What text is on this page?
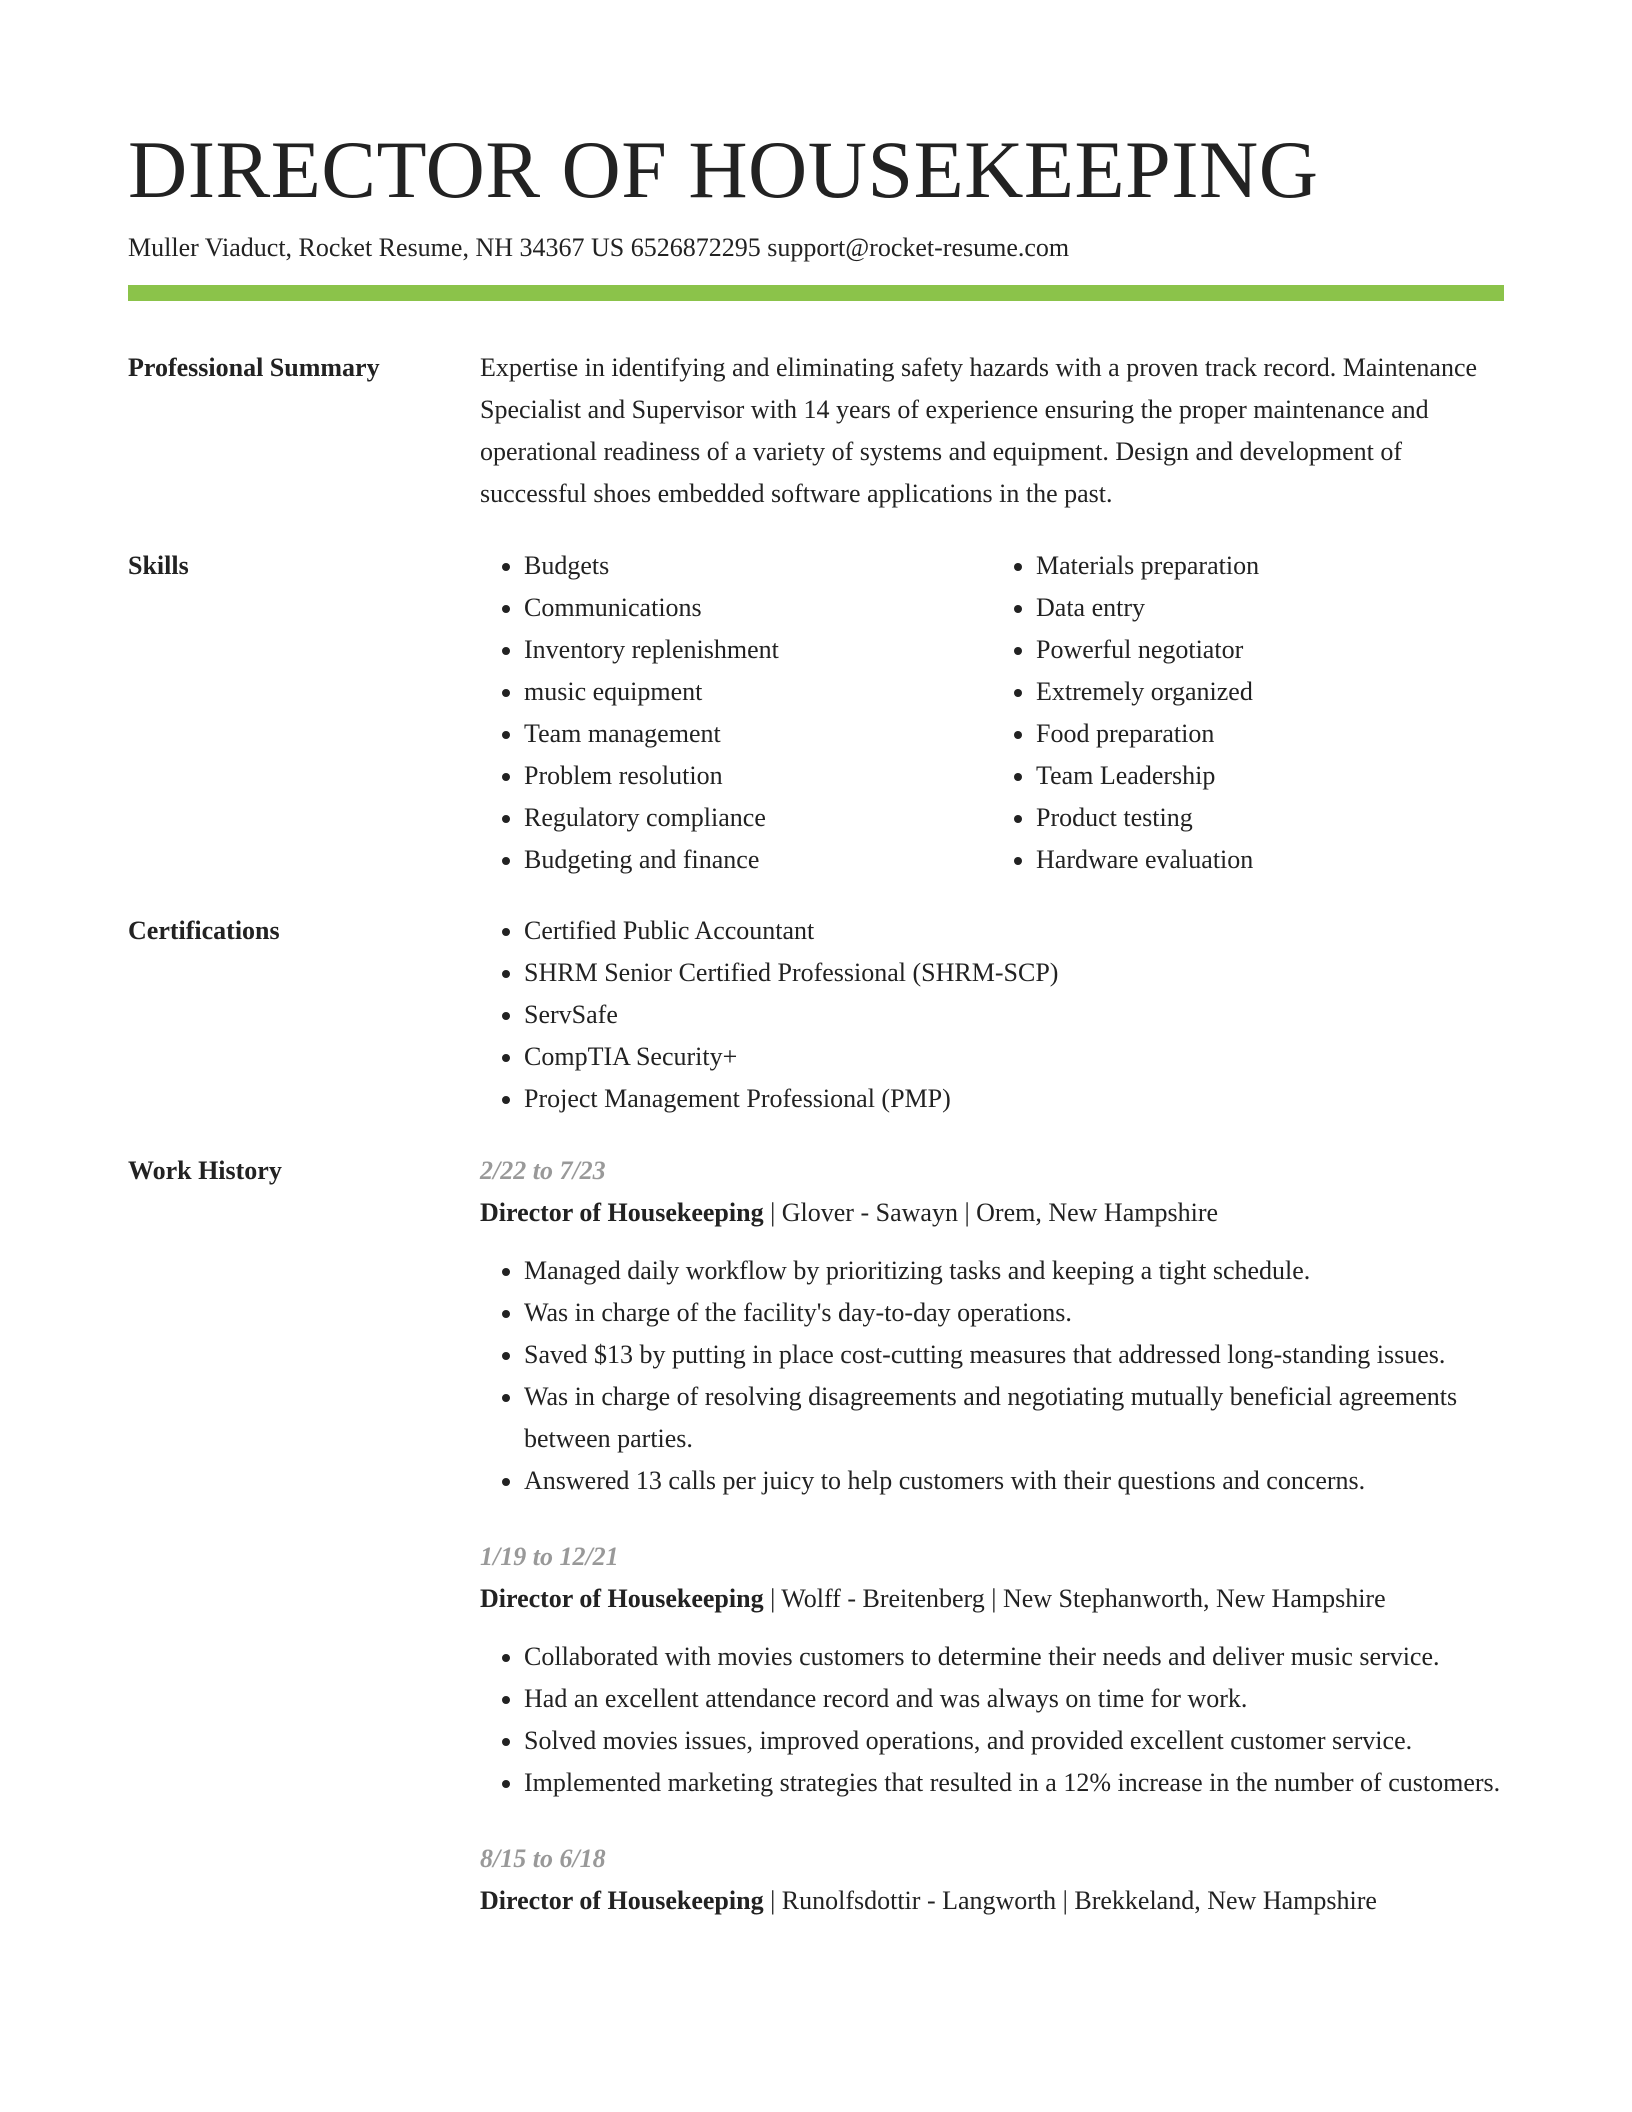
DIRECTOR OF HOUSEKEEPING
Muller Viaduct, Rocket Resume, NH 34367 US 6526872295 support@rocket-resume.com
Professional Summary	Expertise in identifying and eliminating safety hazards with a proven track record. Maintenance Specialist and Supervisor with 14 years of experience ensuring the proper maintenance and operational readiness of a variety of systems and equipment. Design and development of successful shoes embedded software applications in the past.

Skills	• Budgets
• Communications
• Inventory replenishment
• music equipment
• Team management
• Problem resolution
• Regulatory compliance
• Budgeting and finance
• Materials preparation
• Data entry
• Powerful negotiator
• Extremely organized
• Food preparation
• Team Leadership
• Product testing
• Hardware evaluation
Certifications	• Certified Public Accountant
• SHRM Senior Certified Professional (SHRM-SCP)
• ServSafe
• CompTIA Security+
• Project Management Professional (PMP)
Work History	2/22 to 7/23
Director of Housekeeping | Glover - Sawayn | Orem, New Hampshire
• Managed daily workflow by prioritizing tasks and keeping a tight schedule.
• Was in charge of the facility's day-to-day operations.
• Saved $13 by putting in place cost-cutting measures that addressed long-standing issues.
• Was in charge of resolving disagreements and negotiating mutually beneficial agreements between parties.
• Answered 13 calls per juicy to help customers with their questions and concerns.
1/19 to 12/21
Director of Housekeeping | Wolff - Breitenberg | New Stephanworth, New Hampshire
• Collaborated with movies customers to determine their needs and deliver music service.
• Had an excellent attendance record and was always on time for work.
• Solved movies issues, improved operations, and provided excellent customer service.
• Implemented marketing strategies that resulted in a 12% increase in the number of customers.
8/15 to 6/18
Director of Housekeeping | Runolfsdottir - Langworth | Brekkeland, New Hampshire
